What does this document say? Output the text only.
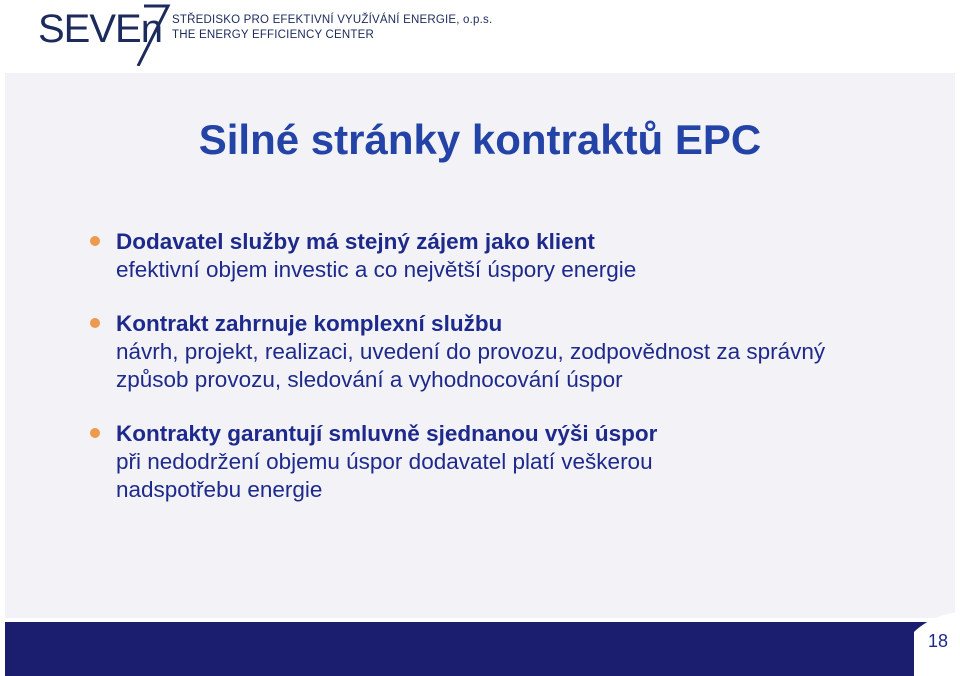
SEVEn STŘEDISKO PRO EFEKTIVNÍ VYUŽÍVÁNÍ ENERGIE, o.p.s.
THE ENERGY EFFICIENCY CENTER
Silné stránky kontraktů EPC
Dodavatel služby má stejný zájem jako klient
efektivní objem investic a co největší úspory energie
Kontrakt zahrnuje komplexní službu
návrh, projekt, realizaci, uvedení do provozu, zodpovědnost za správný způsob provozu, sledování a vyhodnocování úspor
Kontrakty garantují smluvně sjednanou výši úspor
při nedodržení objemu úspor dodavatel platí veškerou nadspotřebu energie
18
